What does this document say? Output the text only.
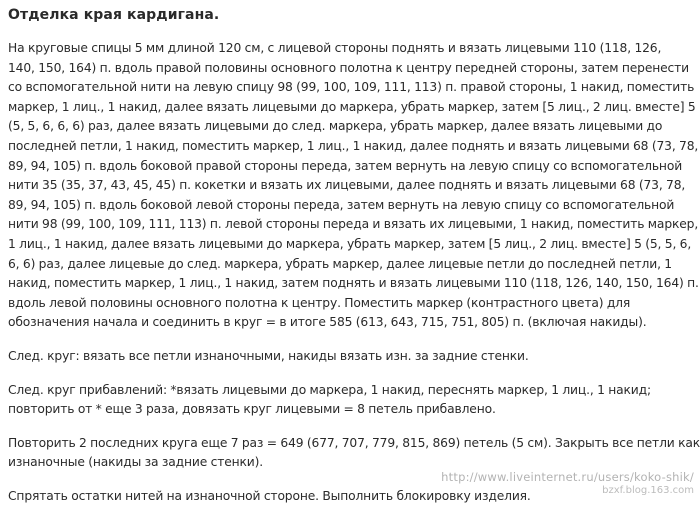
Отделка края кардигана.
На круговые спицы 5 мм длиной 120 см, с лицевой стороны поднять и вязать лицевыми 110 (118, 126,
140, 150, 164) п. вдоль правой половины основного полотна к центру передней стороны, затем перенести
со вспомогательной нити на левую спицу 98 (99, 100, 109, 111, 113) п. правой стороны, 1 накид, поместить
маркер, 1 лиц., 1 накид, далее вязать лицевыми до маркера, убрать маркер, затем [5 лиц., 2 лиц. вместе] 5
(5, 5, 6, 6, 6) раз, далее вязать лицевыми до след. маркера, убрать маркер, далее вязать лицевыми до
последней петли, 1 накид, поместить маркер, 1 лиц., 1 накид, далее поднять и вязать лицевыми 68 (73, 78,
89, 94, 105) п. вдоль боковой правой стороны переда, затем вернуть на левую спицу со вспомогательной
нити 35 (35, 37, 43, 45, 45) п. кокетки и вязать их лицевыми, далее поднять и вязать лицевыми 68 (73, 78,
89, 94, 105) п. вдоль боковой левой стороны переда, затем вернуть на левую спицу со вспомогательной
нити 98 (99, 100, 109, 111, 113) п. левой стороны переда и вязать их лицевыми, 1 накид, поместить маркер,
1 лиц., 1 накид, далее вязать лицевыми до маркера, убрать маркер, затем [5 лиц., 2 лиц. вместе] 5 (5, 5, 6,
6, 6) раз, далее лицевые до след. маркера, убрать маркер, далее лицевые петли до последней петли, 1
накид, поместить маркер, 1 лиц., 1 накид, затем поднять и вязать лицевыми 110 (118, 126, 140, 150, 164) п.
вдоль левой половины основного полотна к центру. Поместить маркер (контрастного цвета) для
обозначения начала и соединить в круг = в итоге 585 (613, 643, 715, 751, 805) п. (включая накиды).
След. круг: вязать все петли изнаночными, накиды вязать изн. за задние стенки.
След. круг прибавлений: *вязать лицевыми до маркера, 1 накид, переснять маркер, 1 лиц., 1 накид;
повторить от * еще 3 раза, довязать круг лицевыми = 8 петель прибавлено.
Повторить 2 последних круга еще 7 раз = 649 (677, 707, 779, 815, 869) петель (5 см). Закрыть все петли как
изнаночные (накиды за задние стенки).
Спрятать остатки нитей на изнаночной стороне. Выполнить блокировку изделия.
http://www.liveinternet.ru/users/koko-shik/
bzxf.blog.163.com
